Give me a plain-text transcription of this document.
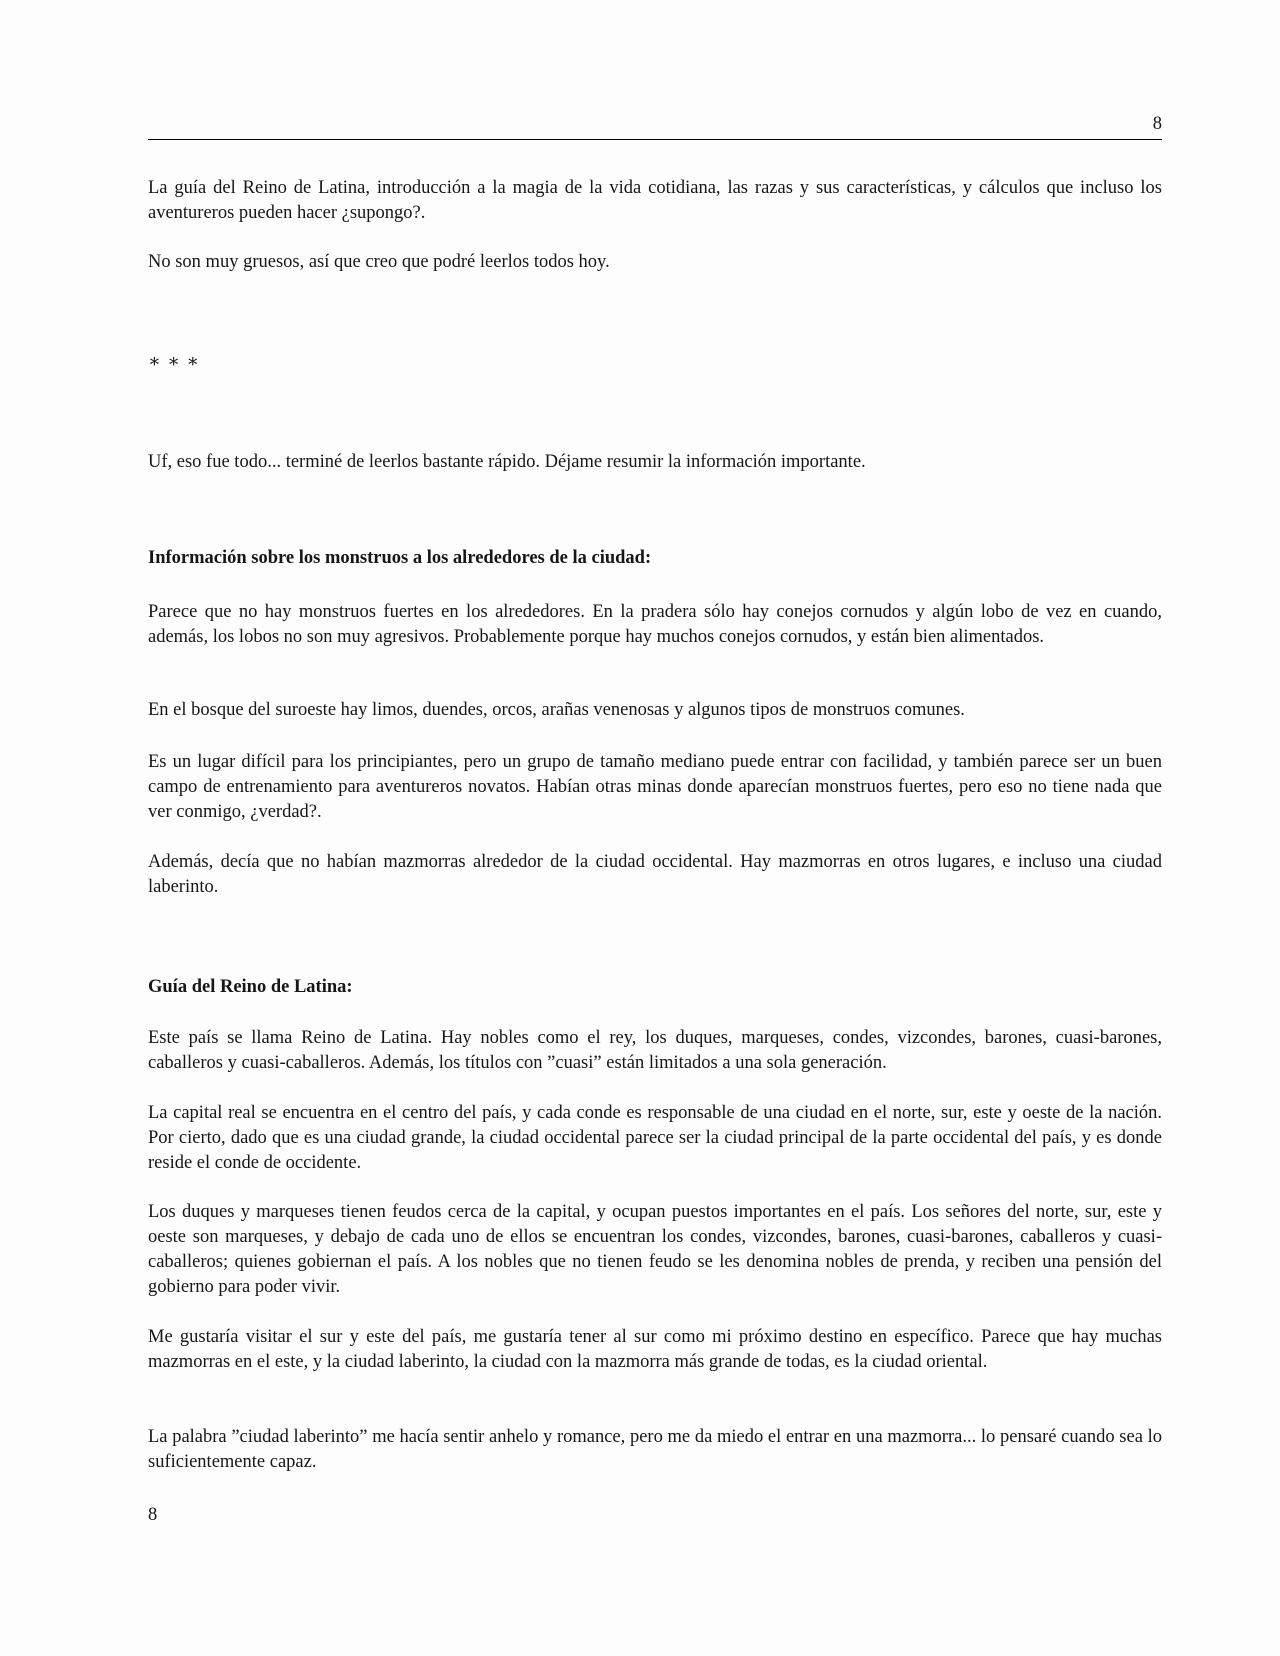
8

La guía del Reino de Latina, introducción a la magia de la vida cotidiana, las razas y sus características, y cálculos que incluso los aventureros pueden hacer ¿supongo?.

No son muy gruesos, así que creo que podré leerlos todos hoy.

∗ ∗ ∗

Uf, eso fue todo... terminé de leerlos bastante rápido. Déjame resumir la información importante.

Información sobre los monstruos a los alrededores de la ciudad:

Parece que no hay monstruos fuertes en los alrededores. En la pradera sólo hay conejos cornudos y algún lobo de vez en cuando, además, los lobos no son muy agresivos. Probablemente porque hay muchos conejos cornudos, y están bien alimentados.

En el bosque del suroeste hay limos, duendes, orcos, arañas venenosas y algunos tipos de monstruos comunes.

Es un lugar difícil para los principiantes, pero un grupo de tamaño mediano puede entrar con facilidad, y también parece ser un buen campo de entrenamiento para aventureros novatos. Habían otras minas donde aparecían monstruos fuertes, pero eso no tiene nada que ver conmigo, ¿verdad?.

Además, decía que no habían mazmorras alrededor de la ciudad occidental. Hay mazmorras en otros lugares, e incluso una ciudad laberinto.

Guía del Reino de Latina:

Este país se llama Reino de Latina. Hay nobles como el rey, los duques, marqueses, condes, vizcondes, barones, cuasi-barones, caballeros y cuasi-caballeros. Además, los títulos con ”cuasi” están limitados a una sola generación.

La capital real se encuentra en el centro del país, y cada conde es responsable de una ciudad en el norte, sur, este y oeste de la nación. Por cierto, dado que es una ciudad grande, la ciudad occidental parece ser la ciudad principal de la parte occidental del país, y es donde reside el conde de occidente.

Los duques y marqueses tienen feudos cerca de la capital, y ocupan puestos importantes en el país. Los señores del norte, sur, este y oeste son marqueses, y debajo de cada uno de ellos se encuentran los condes, vizcondes, barones, cuasi-barones, caballeros y cuasi-caballeros; quienes gobiernan el país. A los nobles que no tienen feudo se les denomina nobles de prenda, y reciben una pensión del gobierno para poder vivir.

Me gustaría visitar el sur y este del país, me gustaría tener al sur como mi próximo destino en específico. Parece que hay muchas mazmorras en el este, y la ciudad laberinto, la ciudad con la mazmorra más grande de todas, es la ciudad oriental.

La palabra ”ciudad laberinto” me hacía sentir anhelo y romance, pero me da miedo el entrar en una mazmorra... lo pensaré cuando sea lo suficientemente capaz.

8
